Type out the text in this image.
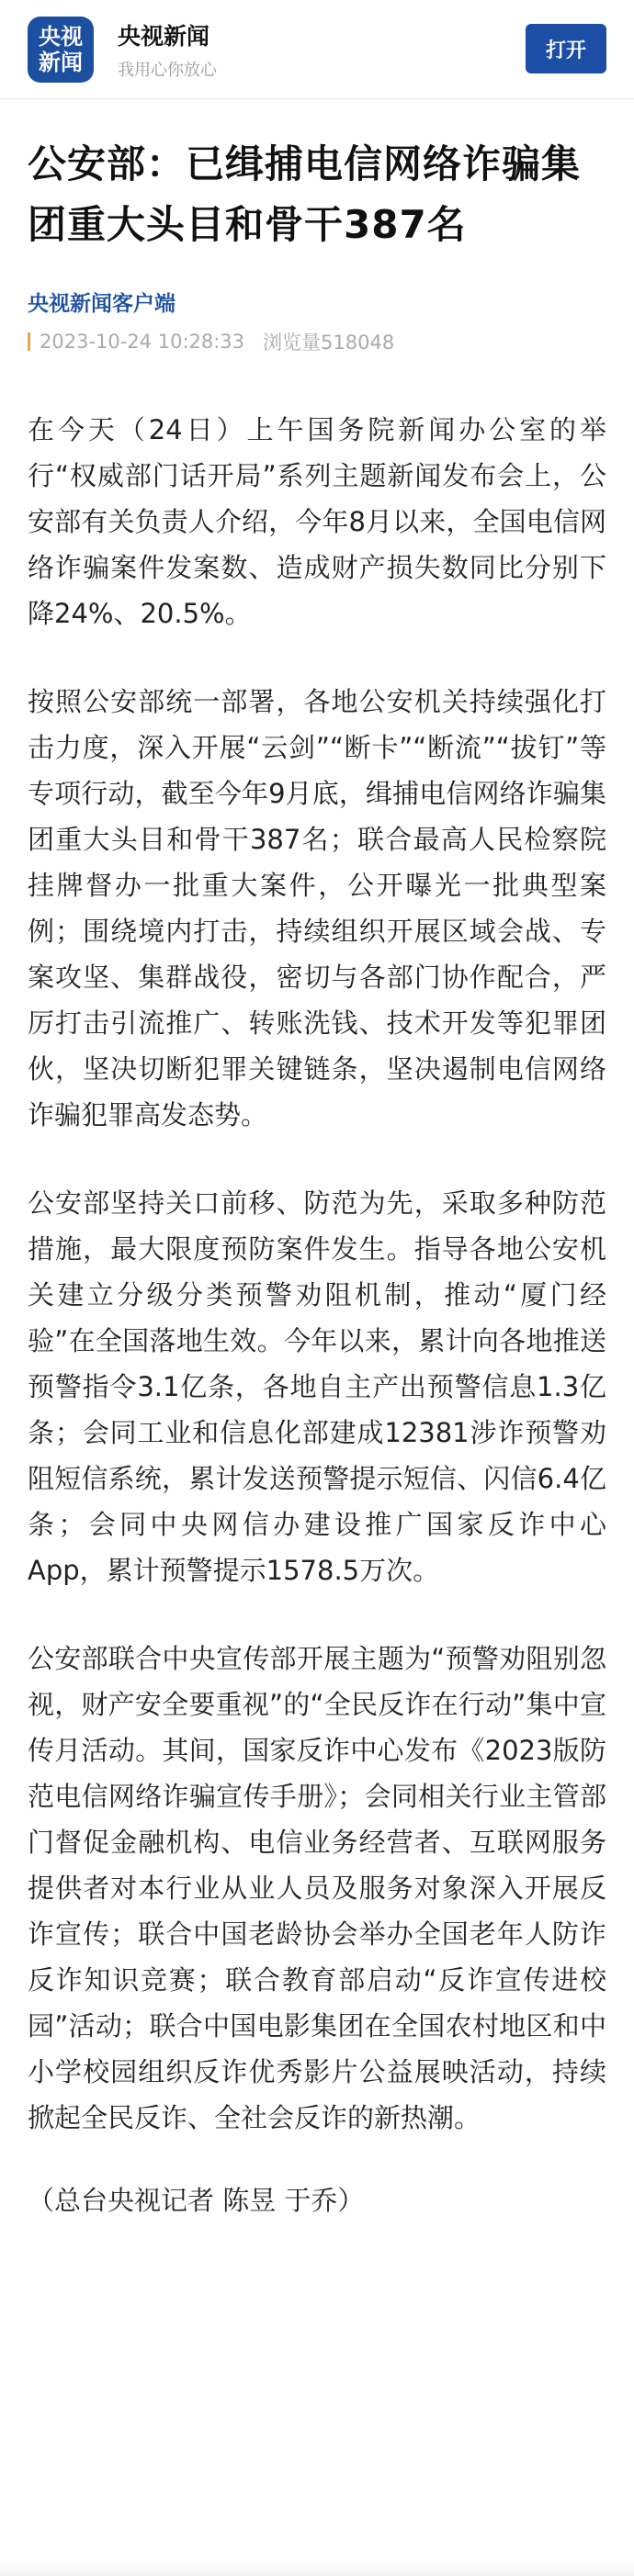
央视
新闻
央视新闻
我用心你放心
打开
公安部：已缉捕电信网络诈骗集团重大头目和骨干387名
央视新闻客户端
2023-10-24 10:28:33 浏览量518048

在今天（24日）上午国务院新闻办公室的举行“权威部门话开局”系列主题新闻发布会上，公安部有关负责人介绍，今年8月以来，全国电信网络诈骗案件发案数、造成财产损失数同比分别下降24%、20.5%。

按照公安部统一部署，各地公安机关持续强化打击力度，深入开展“云剑”“断卡”“断流”“拔钉”等专项行动，截至今年9月底，缉捕电信网络诈骗集团重大头目和骨干387名；联合最高人民检察院挂牌督办一批重大案件，公开曝光一批典型案例；围绕境内打击，持续组织开展区域会战、专案攻坚、集群战役，密切与各部门协作配合，严厉打击引流推广、转账洗钱、技术开发等犯罪团伙，坚决切断犯罪关键链条，坚决遏制电信网络诈骗犯罪高发态势。

公安部坚持关口前移、防范为先，采取多种防范措施，最大限度预防案件发生。指导各地公安机关建立分级分类预警劝阻机制，推动“厦门经验”在全国落地生效。今年以来，累计向各地推送预警指令3.1亿条，各地自主产出预警信息1.3亿条；会同工业和信息化部建成12381涉诈预警劝阻短信系统，累计发送预警提示短信、闪信6.4亿条；会同中央网信办建设推广国家反诈中心App，累计预警提示1578.5万次。

公安部联合中央宣传部开展主题为“预警劝阻别忽视，财产安全要重视”的“全民反诈在行动”集中宣传月活动。其间，国家反诈中心发布《2023版防范电信网络诈骗宣传手册》；会同相关行业主管部门督促金融机构、电信业务经营者、互联网服务提供者对本行业从业人员及服务对象深入开展反诈宣传；联合中国老龄协会举办全国老年人防诈反诈知识竞赛；联合教育部启动“反诈宣传进校园”活动；联合中国电影集团在全国农村地区和中小学校园组织反诈优秀影片公益展映活动，持续掀起全民反诈、全社会反诈的新热潮。

（总台央视记者 陈昱 于乔）
